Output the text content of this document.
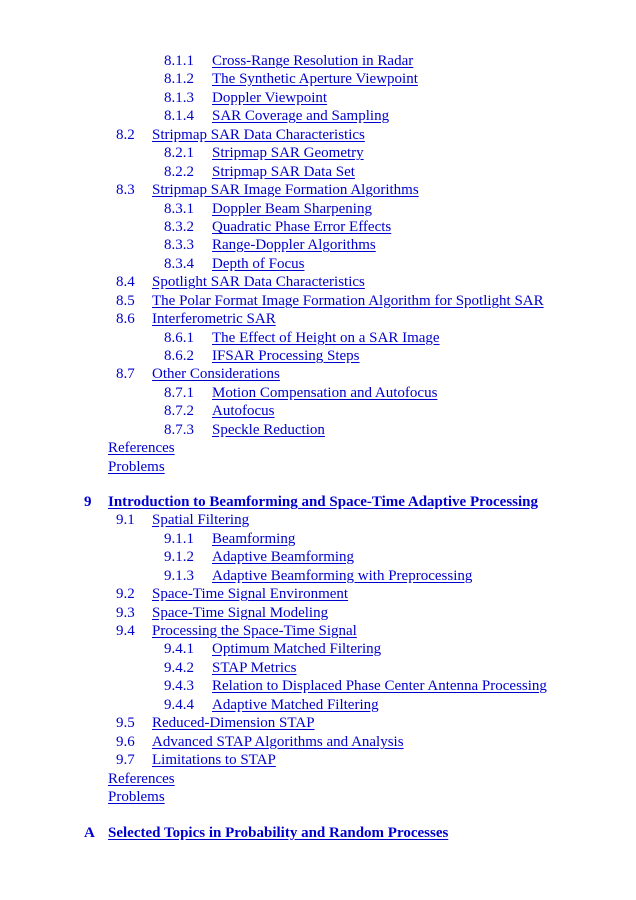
8.1.1 Cross-Range Resolution in Radar
8.1.2 The Synthetic Aperture Viewpoint
8.1.3 Doppler Viewpoint
8.1.4 SAR Coverage and Sampling
8.2 Stripmap SAR Data Characteristics
8.2.1 Stripmap SAR Geometry
8.2.2 Stripmap SAR Data Set
8.3 Stripmap SAR Image Formation Algorithms
8.3.1 Doppler Beam Sharpening
8.3.2 Quadratic Phase Error Effects
8.3.3 Range-Doppler Algorithms
8.3.4 Depth of Focus
8.4 Spotlight SAR Data Characteristics
8.5 The Polar Format Image Formation Algorithm for Spotlight SAR
8.6 Interferometric SAR
8.6.1 The Effect of Height on a SAR Image
8.6.2 IFSAR Processing Steps
8.7 Other Considerations
8.7.1 Motion Compensation and Autofocus
8.7.2 Autofocus
8.7.3 Speckle Reduction
References
Problems
9 Introduction to Beamforming and Space-Time Adaptive Processing
9.1 Spatial Filtering
9.1.1 Beamforming
9.1.2 Adaptive Beamforming
9.1.3 Adaptive Beamforming with Preprocessing
9.2 Space-Time Signal Environment
9.3 Space-Time Signal Modeling
9.4 Processing the Space-Time Signal
9.4.1 Optimum Matched Filtering
9.4.2 STAP Metrics
9.4.3 Relation to Displaced Phase Center Antenna Processing
9.4.4 Adaptive Matched Filtering
9.5 Reduced-Dimension STAP
9.6 Advanced STAP Algorithms and Analysis
9.7 Limitations to STAP
References
Problems
A Selected Topics in Probability and Random Processes
